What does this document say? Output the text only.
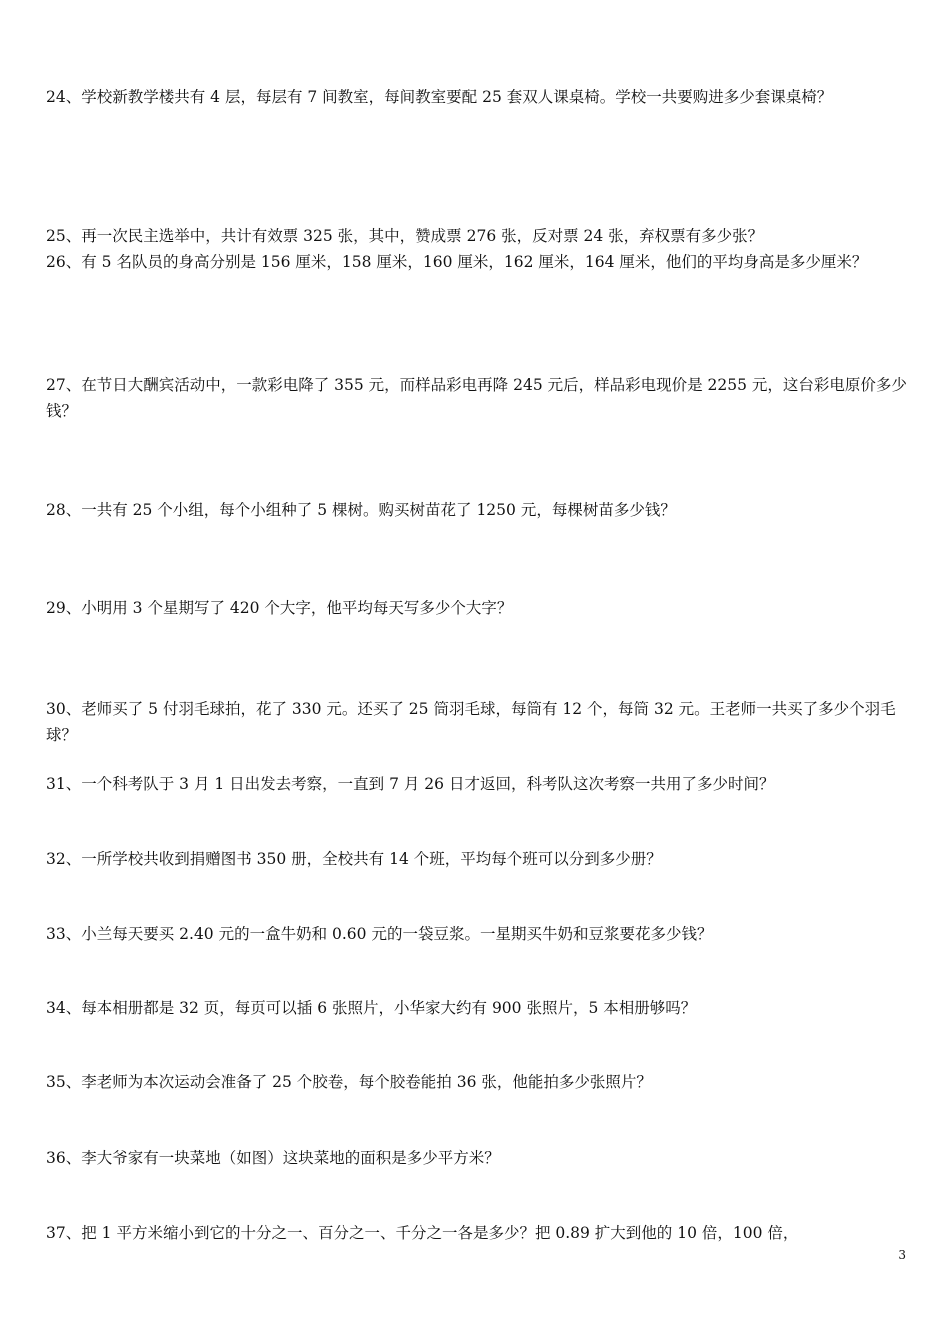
24、学校新教学楼共有 4 层，每层有 7 间教室，每间教室要配 25 套双人课桌椅。学校一共要购进多少套课桌椅？

25、再一次民主选举中，共计有效票 325 张，其中，赞成票 276 张，反对票 24 张，弃权票有多少张？

26、有 5 名队员的身高分别是 156 厘米，158 厘米，160 厘米，162 厘米，164 厘米，他们的平均身高是多少厘米？

27、在节日大酬宾活动中，一款彩电降了 355 元，而样品彩电再降 245 元后，样品彩电现价是 2255 元，这台彩电原价多少钱？

28、一共有 25 个小组，每个小组种了 5 棵树。购买树苗花了 1250 元，每棵树苗多少钱？

29、小明用 3 个星期写了 420 个大字，他平均每天写多少个大字？

30、老师买了 5 付羽毛球拍，花了 330 元。还买了 25 筒羽毛球，每筒有 12 个，每筒 32 元。王老师一共买了多少个羽毛球？

31、一个科考队于 3 月 1 日出发去考察，一直到 7 月 26 日才返回，科考队这次考察一共用了多少时间？

32、一所学校共收到捐赠图书 350 册，全校共有 14 个班，平均每个班可以分到多少册？

33、小兰每天要买 2.40 元的一盒牛奶和 0.60 元的一袋豆浆。一星期买牛奶和豆浆要花多少钱？

34、每本相册都是 32 页，每页可以插 6 张照片，小华家大约有 900 张照片，5 本相册够吗？

35、李老师为本次运动会准备了 25 个胶卷，每个胶卷能拍 36 张，他能拍多少张照片？

36、李大爷家有一块菜地（如图）这块菜地的面积是多少平方米？

37、把 1 平方米缩小到它的十分之一、百分之一、千分之一各是多少？把 0.89 扩大到他的 10 倍，100 倍，

3
